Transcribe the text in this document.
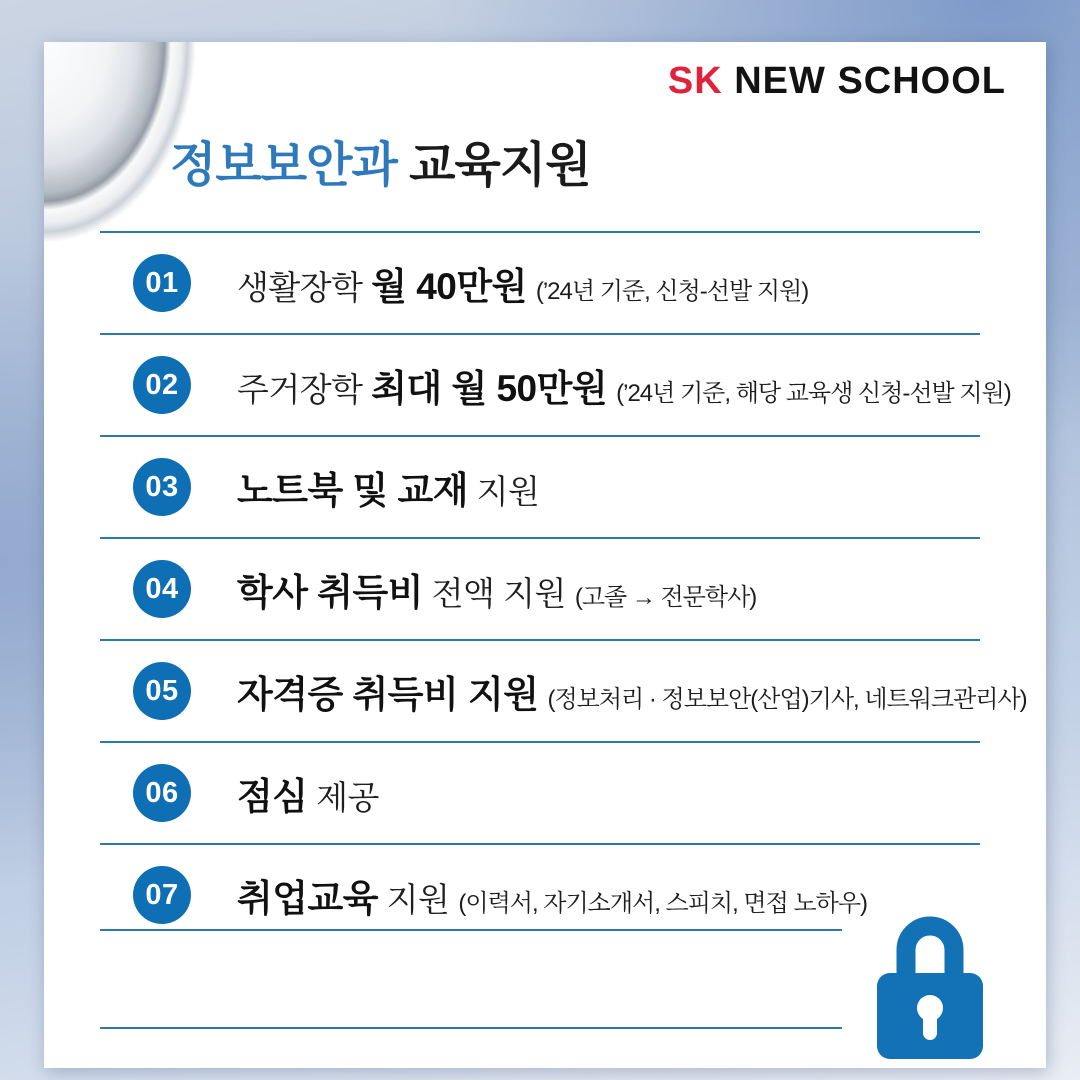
SK NEW SCHOOL
정보보안과 교육지원
01	생활장학 월 40만원 (’24년 기준, 신청-선발 지원)
02	주거장학 최대 월 50만원 (’24년 기준, 해당 교육생 신청-선발 지원)
03	노트북 및 교재 지원
04	학사 취득비 전액 지원 (고졸 → 전문학사)
05	자격증 취득비 지원 (정보처리 · 정보보안(산업)기사, 네트워크관리사)
06	점심 제공
07	취업교육 지원 (이력서, 자기소개서, 스피치, 면접 노하우)
